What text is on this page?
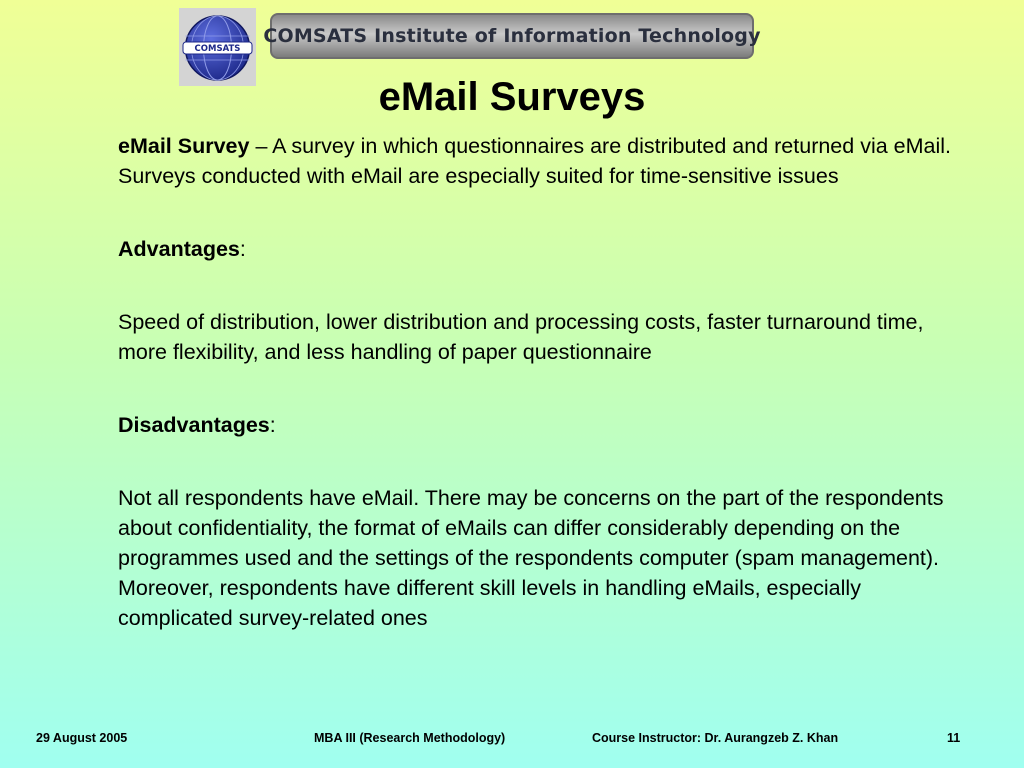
COMSATS
COMSATS Institute of Information Technology
eMail Surveys

eMail Survey – A survey in which questionnaires are distributed and returned via eMail. Surveys conducted with eMail are especially suited for time-sensitive issues

Advantages:

Speed of distribution, lower distribution and processing costs, faster turnaround time, more flexibility, and less handling of paper questionnaire

Disadvantages:

Not all respondents have eMail. There may be concerns on the part of the respondents about confidentiality, the format of eMails can differ considerably depending on the programmes used and the settings of the respondents computer (spam management). Moreover, respondents have different skill levels in handling eMails, especially complicated survey-related ones

29 August 2005	MBA III (Research Methodology)	Course Instructor: Dr. Aurangzeb Z. Khan	11
